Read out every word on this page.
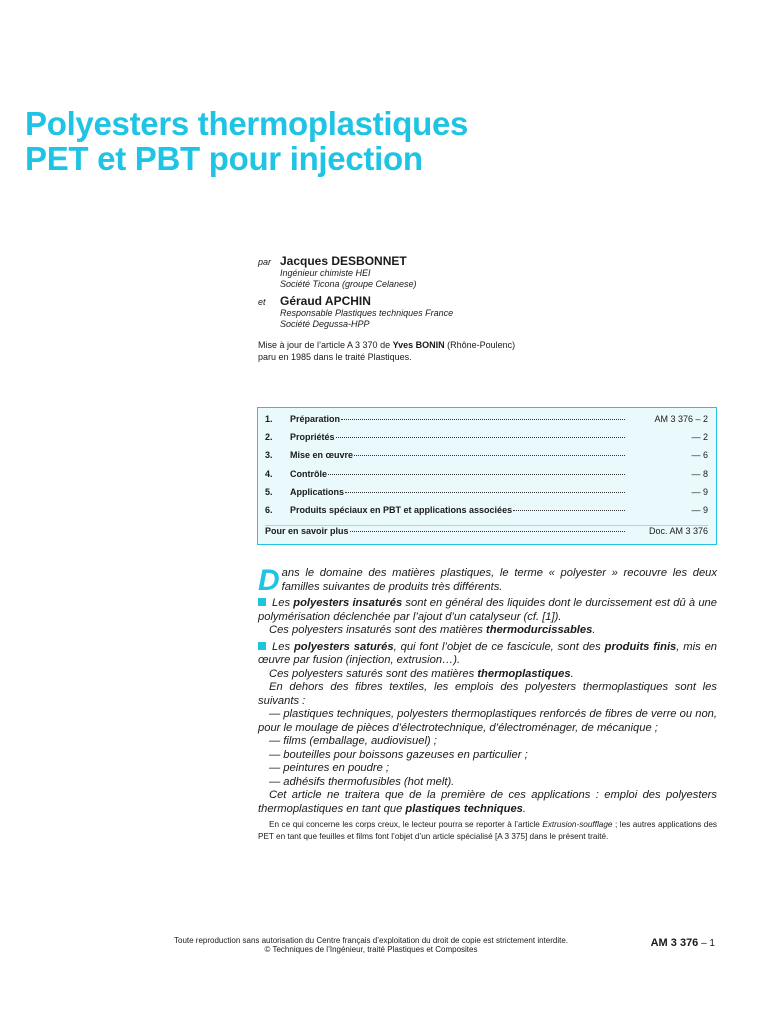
Polyesters thermoplastiques
PET et PBT pour injection
par Jacques DESBONNET
Ingénieur chimiste HEI
Société Ticona (groupe Celanese)
et	Géraud APCHIN
Responsable Plastiques techniques France
Société Degussa-HPP
Mise à jour de l’article A 3 370 de Yves BONIN (Rhône-Poulenc)
paru en 1985 dans le traité Plastiques.
1.	Préparation	AM 3 376 – 2
2.	Propriétés	— 2
3.	Mise en œuvre	— 6
4.	Contrôle	— 8
5.	Applications	— 9
6.	Produits spéciaux en PBT et applications associées	— 9
Pour en savoir plus	Doc. AM 3 376
D ans le domaine des matières plastiques, le terme « polyester » recouvre les deux familles suivantes de produits très différents.

Les polyesters insaturés sont en général des liquides dont le durcissement est dû à une polymérisation déclenchée par l’ajout d’un catalyseur (cf. [1]).

Ces polyesters insaturés sont des matières thermodurcissables.

Les polyesters saturés, qui font l’objet de ce fascicule, sont des produits finis, mis en œuvre par fusion (injection, extrusion…).

Ces polyesters saturés sont des matières thermoplastiques.

En dehors des fibres textiles, les emplois des polyesters thermoplastiques sont les suivants :

— plastiques techniques, polyesters thermoplastiques renforcés de fibres de verre ou non, pour le moulage de pièces d’électrotechnique, d’électroménager, de mécanique ;

— films (emballage, audiovisuel) ;

— bouteilles pour boissons gazeuses en particulier ;

— peintures en poudre ;

— adhésifs thermofusibles (hot melt).

Cet article ne traitera que de la première de ces applications : emploi des polyesters thermoplastiques en tant que plastiques techniques.

En ce qui concerne les corps creux, le lecteur pourra se reporter à l’article Extrusion-soufflage ; les autres applications des PET en tant que feuilles et films font l’objet d’un article spécialisé [A 3 375] dans le présent traité.

Toute reproduction sans autorisation du Centre français d’exploitation du droit de copie est strictement interdite.
© Techniques de l’Ingénieur, traité Plastiques et Composites
AM 3 376 – 1
